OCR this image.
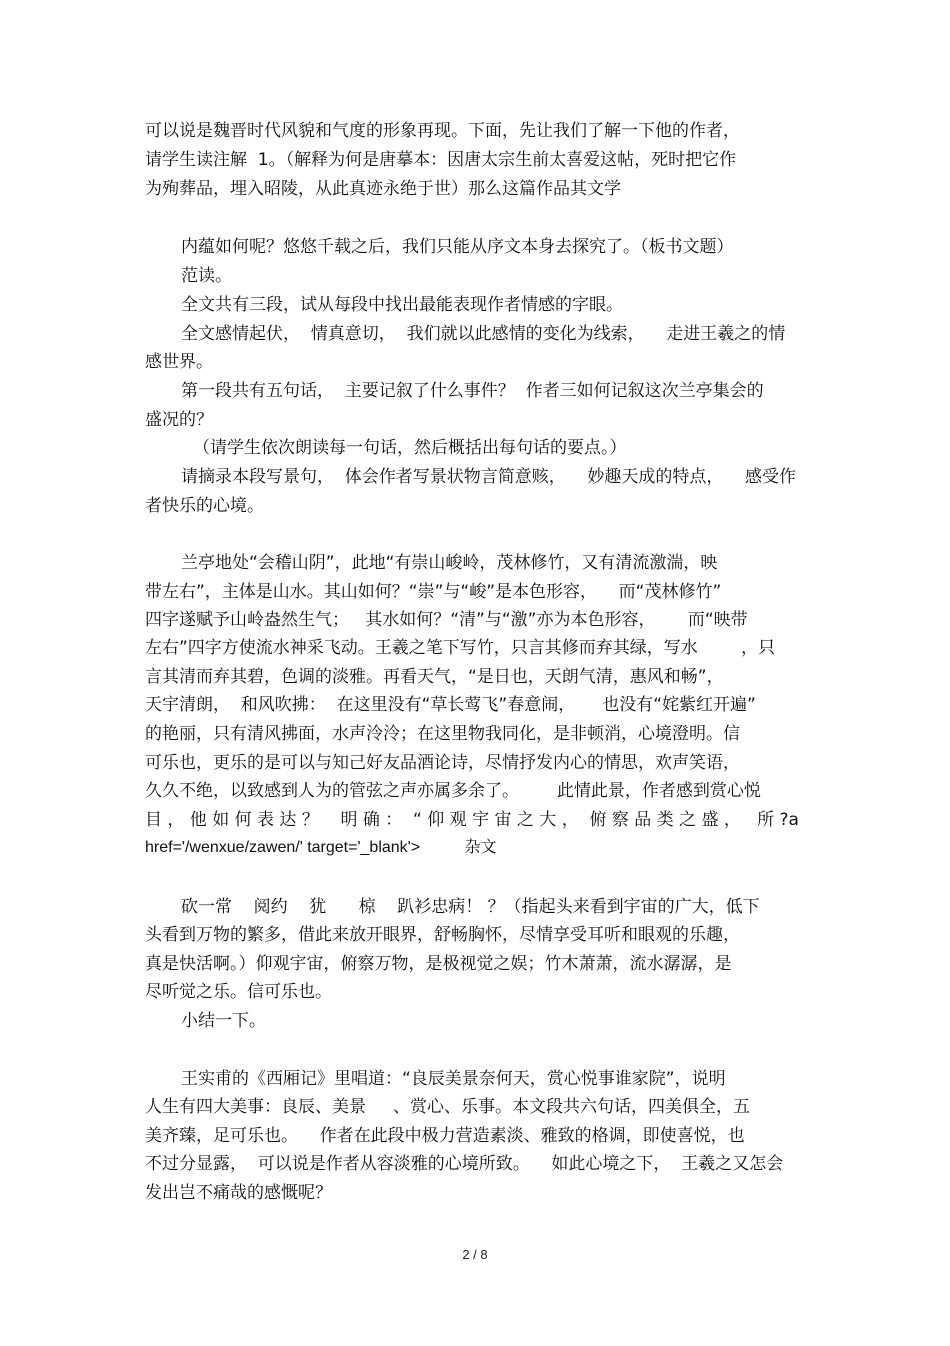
可以说是魏晋时代风貌和气度的形象再现。下面，先让我们了解一下他的作者，
请学生读注解  1。（解释为何是唐摹本：因唐太宗生前太喜爱这帖，死时把它作
为殉葬品，埋入昭陵，从此真迹永绝于世）那么这篇作品其文学
内蕴如何呢？悠悠千载之后，我们只能从序文本身去探究了。（板书文题）
范读。
全文共有三段，试从每段中找出最能表现作者情感的字眼。
全文感情起伏，  情真意切，  我们就以此感情的变化为线索，    走进王羲之的情
感世界。
第一段共有五句话，  主要记叙了什么事件？  作者三如何记叙这次兰亭集会的
盛况的？
（请学生依次朗读每一句话，然后概括出每句话的要点。）
请摘录本段写景句，  体会作者写景状物言简意赅，    妙趣天成的特点，    感受作
者快乐的心境。
兰亭地处“会稽山阴”，此地“有崇山峻岭，茂林修竹，又有清流激湍，映
带左右”，主体是山水。其山如何？“崇”与“峻”是本色形容，    而“茂林修竹”
四字遂赋予山岭盎然生气；   其水如何？“清”与“激”亦为本色形容，      而“映带
左右”四字方使流水神采飞动。王羲之笔下写竹，只言其修而弃其绿，写水        ，只
言其清而弃其碧，色调的淡雅。再看天气，“是日也，天朗气清，惠风和畅”，
天宇清朗，  和风吹拂：  在这里没有“草长莺飞”春意闹，     也没有“姹紫红开遍”
的艳丽，只有清风拂面，水声泠泠；在这里物我同化，是非顿消，心境澄明。信
可乐也，更乐的是可以与知己好友品酒论诗，尽情抒发内心的情思，欢声笑语，
久久不绝，以致感到人为的管弦之声亦属多余了。       此情此景，作者感到赏心悦
目 ， 他 如 何 表 达 ？    明 确 ：  “ 仰 观 宇 宙 之 大 ，  俯 察 品 类 之 盛 ，   所 ?a
href='/wenxue/zawen/' target='_blank'>          杂文
砍一常    阅约    犹      椋    趴衫忠病！ ？（指起头来看到宇宙的广大，低下
头看到万物的繁多，借此来放开眼界，舒畅胸怀，尽情享受耳听和眼观的乐趣，
真是快活啊。）仰观宇宙，俯察万物，是极视觉之娱；竹木萧萧，流水潺潺，是
尽听觉之乐。信可乐也。
小结一下。
王实甫的《西厢记》里唱道：“良辰美景奈何天，赏心悦事谁家院”，说明
人生有四大美事：良辰、美景     、赏心、乐事。本文段共六句话，四美俱全，五
美齐臻，足可乐也。    作者在此段中极力营造素淡、雅致的格调，即使喜悦，也
不过分显露，  可以说是作者从容淡雅的心境所致。    如此心境之下，  王羲之又怎会
发出岂不痛哉的感慨呢？
2 / 8
